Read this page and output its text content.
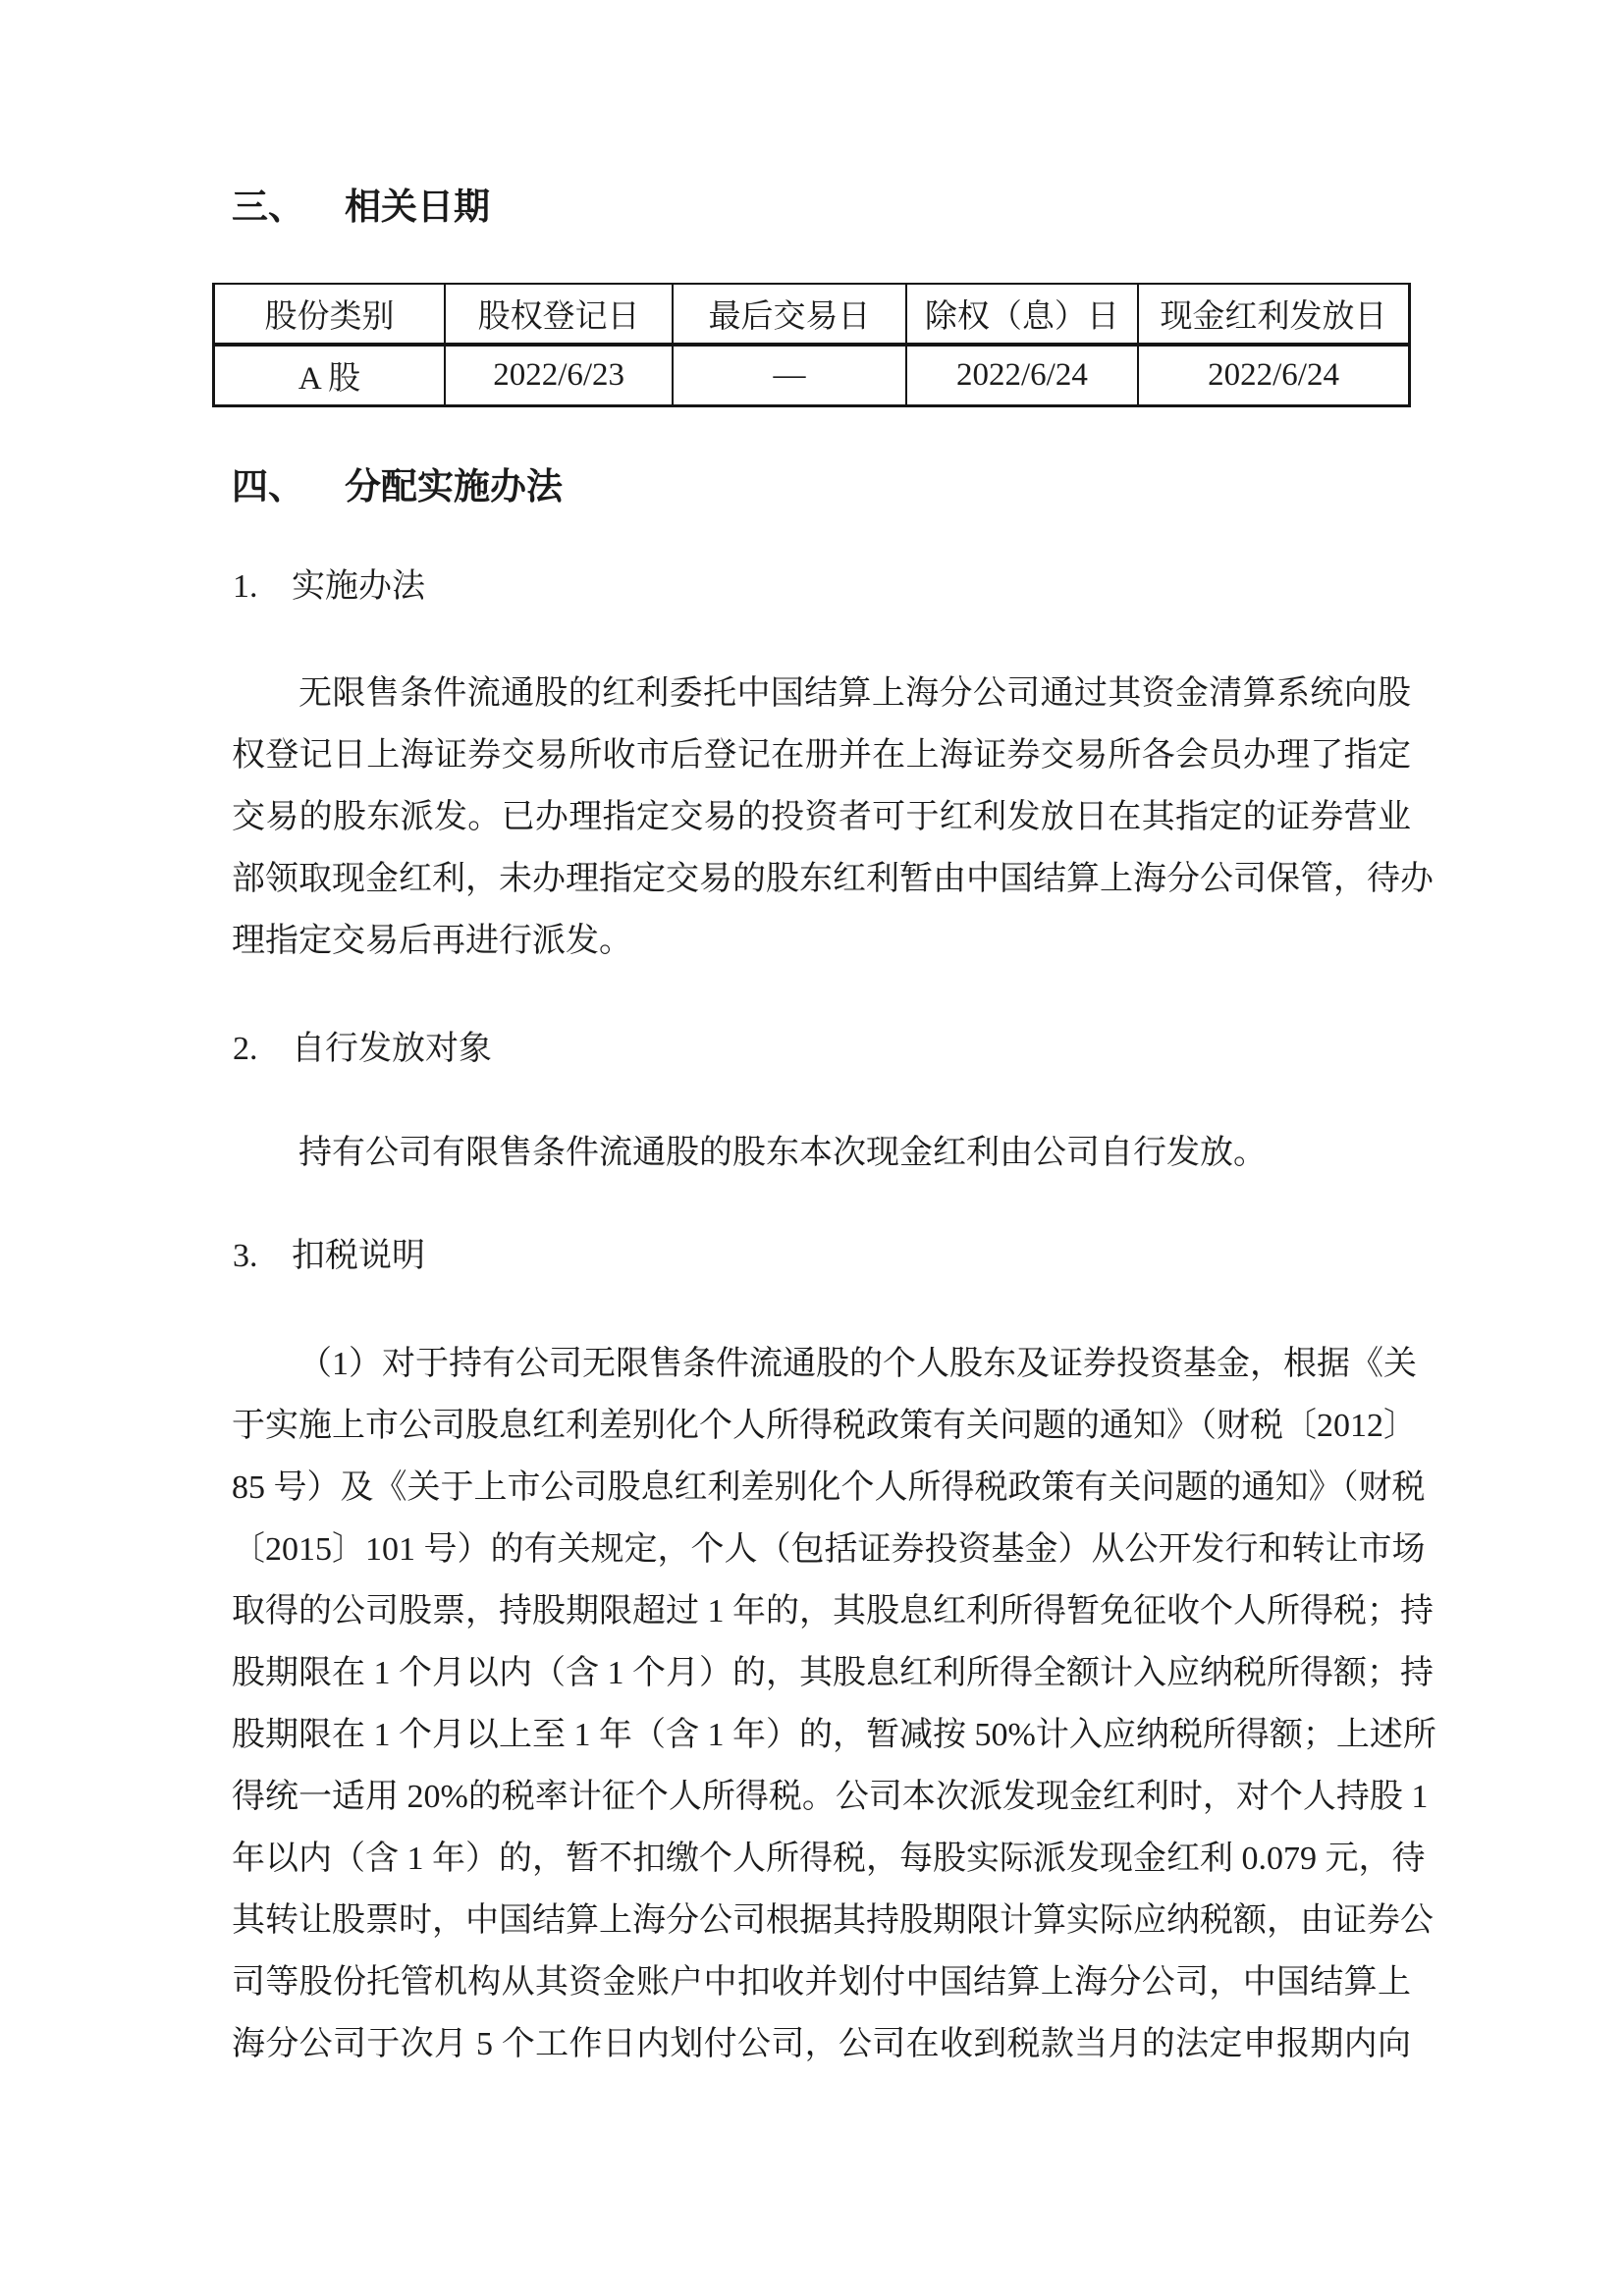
三、 相关日期
股份类别	股权登记日	最后交易日	除权（息）日	现金红利发放日
A 股	2022/6/23	—	2022/6/24	2022/6/24
四、 分配实施办法
1. 实施办法
无限售条件流通股的红利委托中国结算上海分公司通过其资金清算系统向股
权登记日上海证券交易所收市后登记在册并在上海证券交易所各会员办理了指定
交易的股东派发。已办理指定交易的投资者可于红利发放日在其指定的证券营业
部领取现金红利，未办理指定交易的股东红利暂由中国结算上海分公司保管，待办
理指定交易后再进行派发。
2. 自行发放对象
持有公司有限售条件流通股的股东本次现金红利由公司自行发放。
3. 扣税说明
（1）对于持有公司无限售条件流通股的个人股东及证券投资基金，根据《关
于实施上市公司股息红利差别化个人所得税政策有关问题的通知》（财税〔2012〕
85 号）及《关于上市公司股息红利差别化个人所得税政策有关问题的通知》（财税
〔2015〕101 号）的有关规定，个人（包括证券投资基金）从公开发行和转让市场
取得的公司股票，持股期限超过 1 年的，其股息红利所得暂免征收个人所得税；持
股期限在 1 个月以内（含 1 个月）的，其股息红利所得全额计入应纳税所得额；持
股期限在 1 个月以上至 1 年（含 1 年）的，暂减按 50%计入应纳税所得额；上述所
得统一适用 20%的税率计征个人所得税。公司本次派发现金红利时，对个人持股 1
年以内（含 1 年）的，暂不扣缴个人所得税，每股实际派发现金红利 0.079 元，待
其转让股票时，中国结算上海分公司根据其持股期限计算实际应纳税额，由证券公
司等股份托管机构从其资金账户中扣收并划付中国结算上海分公司，中国结算上
海分公司于次月 5 个工作日内划付公司，公司在收到税款当月的法定申报期内向
